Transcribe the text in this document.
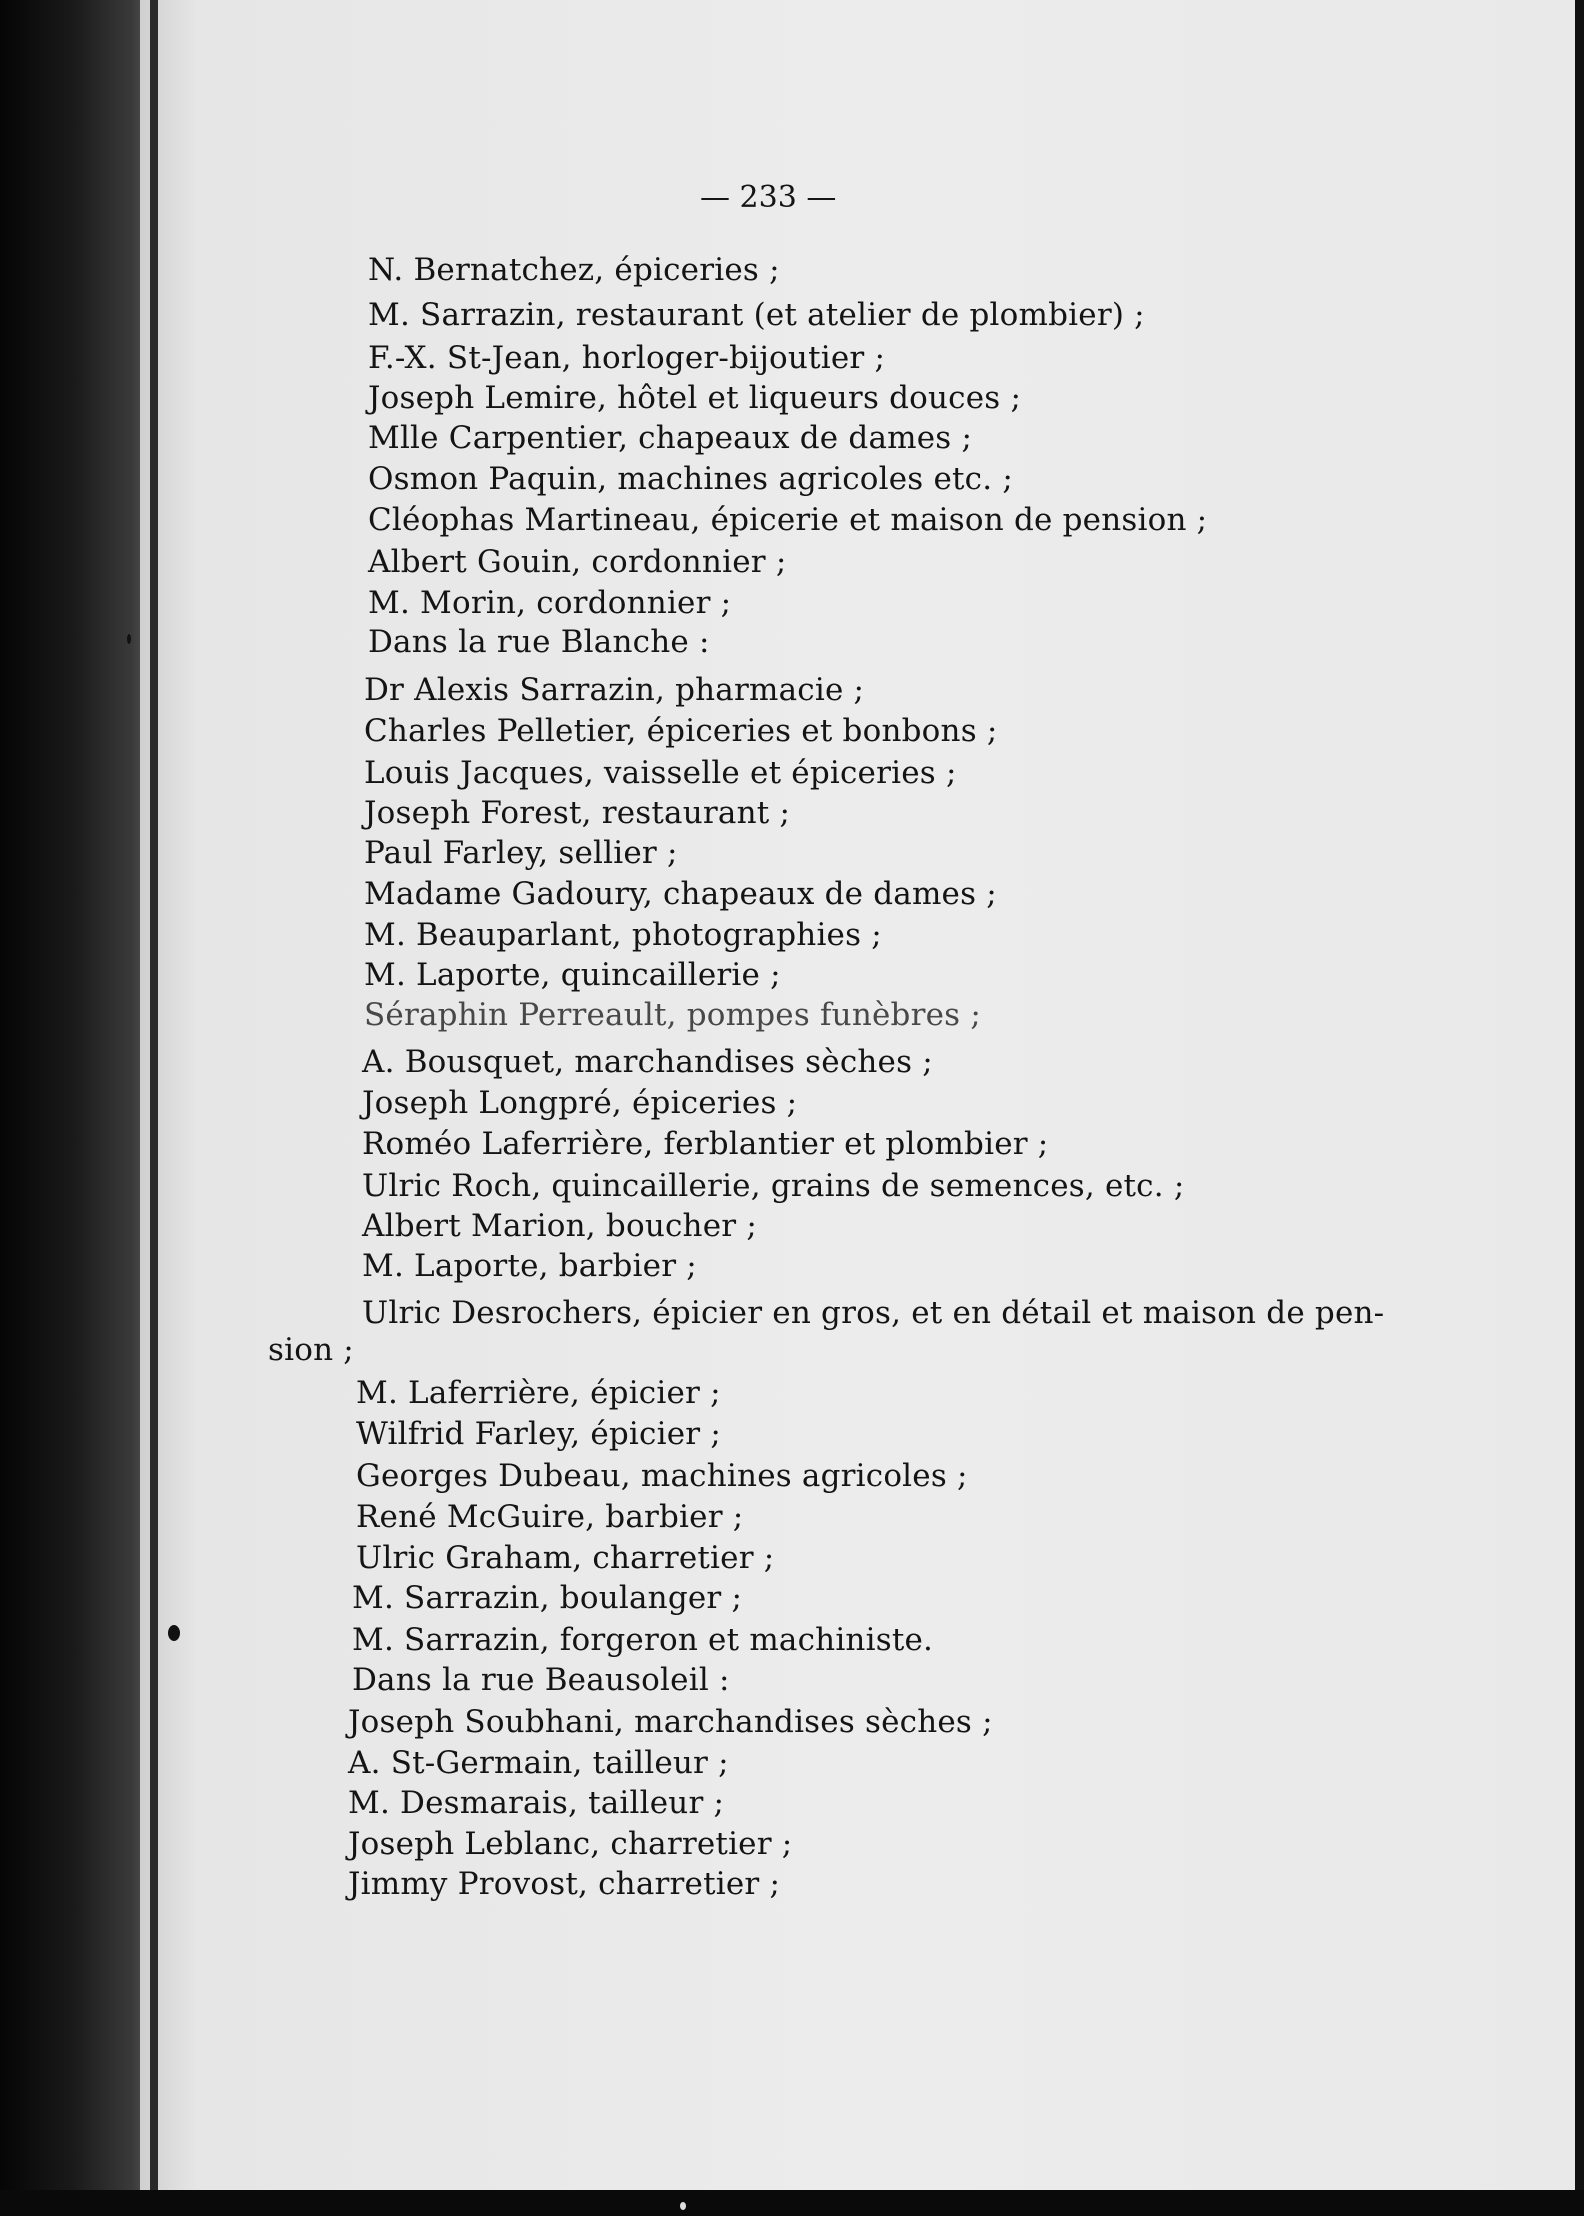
— 233 —
N. Bernatchez, épiceries ;
M. Sarrazin, restaurant (et atelier de plombier) ;
F.-X. St-Jean, horloger-bijoutier ;
Joseph Lemire, hôtel et liqueurs douces ;
Mlle Carpentier, chapeaux de dames ;
Osmon Paquin, machines agricoles etc. ;
Cléophas Martineau, épicerie et maison de pension ;
Albert Gouin, cordonnier ;
M. Morin, cordonnier ;
Dans la rue Blanche :
Dr Alexis Sarrazin, pharmacie ;
Charles Pelletier, épiceries et bonbons ;
Louis Jacques, vaisselle et épiceries ;
Joseph Forest, restaurant ;
Paul Farley, sellier ;
Madame Gadoury, chapeaux de dames ;
M. Beauparlant, photographies ;
M. Laporte, quincaillerie ;
Séraphin Perreault, pompes funèbres ;
A. Bousquet, marchandises sèches ;
Joseph Longpré, épiceries ;
Roméo Laferrière, ferblantier et plombier ;
Ulric Roch, quincaillerie, grains de semences, etc. ;
Albert Marion, boucher ;
M. Laporte, barbier ;
Ulric Desrochers, épicier en gros, et en détail et maison de pen-
sion ;
M. Laferrière, épicier ;
Wilfrid Farley, épicier ;
Georges Dubeau, machines agricoles ;
René McGuire, barbier ;
Ulric Graham, charretier ;
M. Sarrazin, boulanger ;
M. Sarrazin, forgeron et machiniste.
Dans la rue Beausoleil :
Joseph Soubhani, marchandises sèches ;
A. St-Germain, tailleur ;
M. Desmarais, tailleur ;
Joseph Leblanc, charretier ;
Jimmy Provost, charretier ;
